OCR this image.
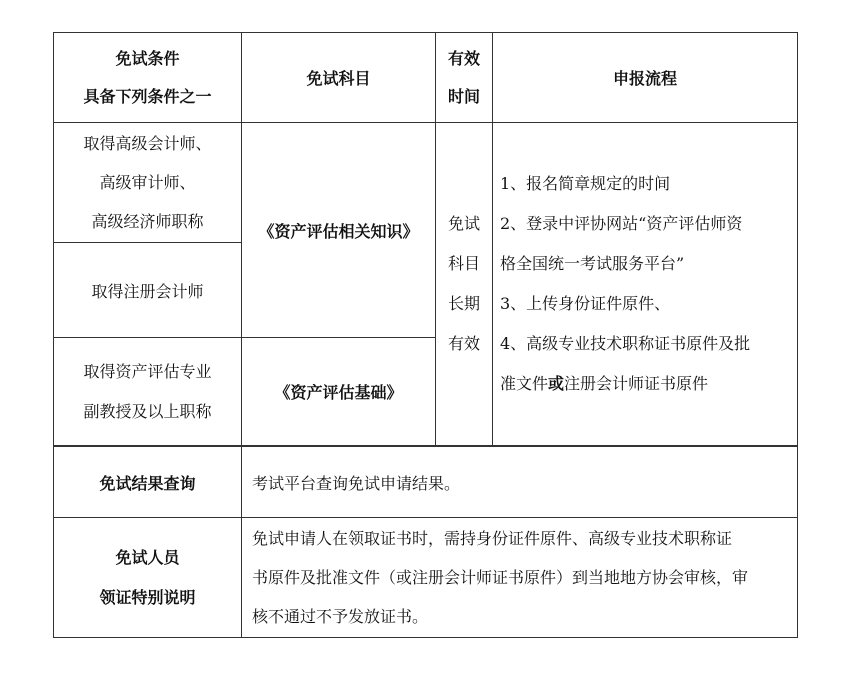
免试条件
具备下列条件之一
免试科目
有效
时间
申报流程
取得高级会计师、
高级审计师、
高级经济师职称
取得注册会计师
取得资产评估专业
副教授及以上职称
《资产评估相关知识》
《资产评估基础》
免试
科目
长期
有效
1、报名简章规定的时间
2、登录中评协网站“资产评估师资
格全国统一考试服务平台”
3、上传身份证件原件、
4、高级专业技术职称证书原件及批
准文件或注册会计师证书原件
免试结果查询	考试平台查询免试申请结果。
免试人员
领证特别说明
免试申请人在领取证书时，需持身份证件原件、高级专业技术职称证
书原件及批准文件（或注册会计师证书原件）到当地地方协会审核，审
核不通过不予发放证书。
